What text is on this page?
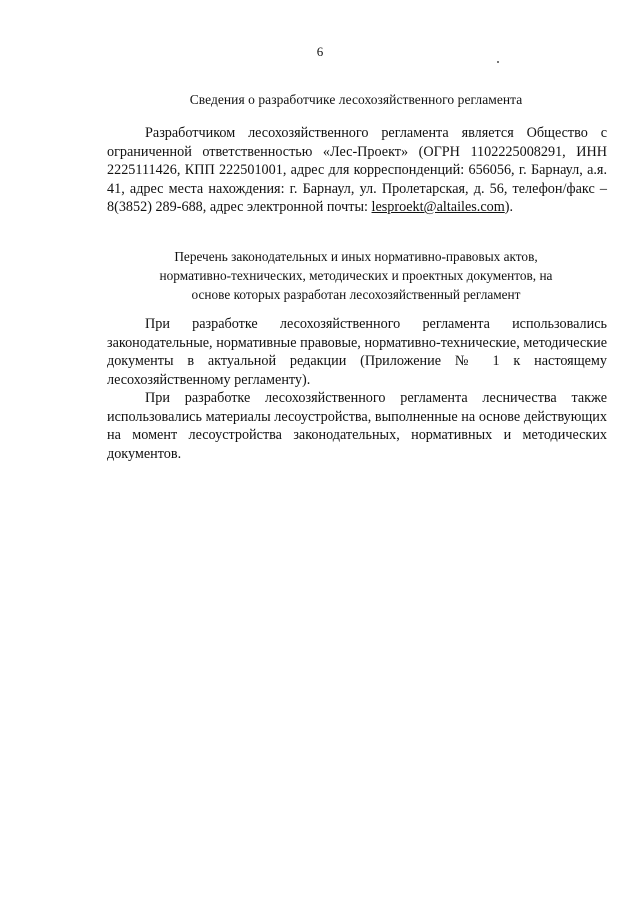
6
Сведения о разработчике лесохозяйственного регламента

Разработчиком лесохозяйственного регламента является Общество с ограниченной ответственностью «Лес-Проект» (ОГРН 1102225008291, ИНН 2225111426, КПП 222501001, адрес для корреспонденций: 656056, г. Барнаул, а.я. 41, адрес места нахождения: г. Барнаул, ул. Пролетарская, д. 56, телефон/факс – 8(3852) 289-688, адрес электронной почты: lesproekt@altailes.com).

Перечень законодательных и иных нормативно-правовых актов,
нормативно-технических, методических и проектных документов, на
основе которых разработан лесохозяйственный регламент

При разработке лесохозяйственного регламента использовались законодательные, нормативные правовые, нормативно-технические, методические документы в актуальной редакции (Приложение № 1 к настоящему лесохозяйственному регламенту).

При разработке лесохозяйственного регламента лесничества также использовались материалы лесоустройства, выполненные на основе действующих на момент лесоустройства законодательных, нормативных и методических документов.
